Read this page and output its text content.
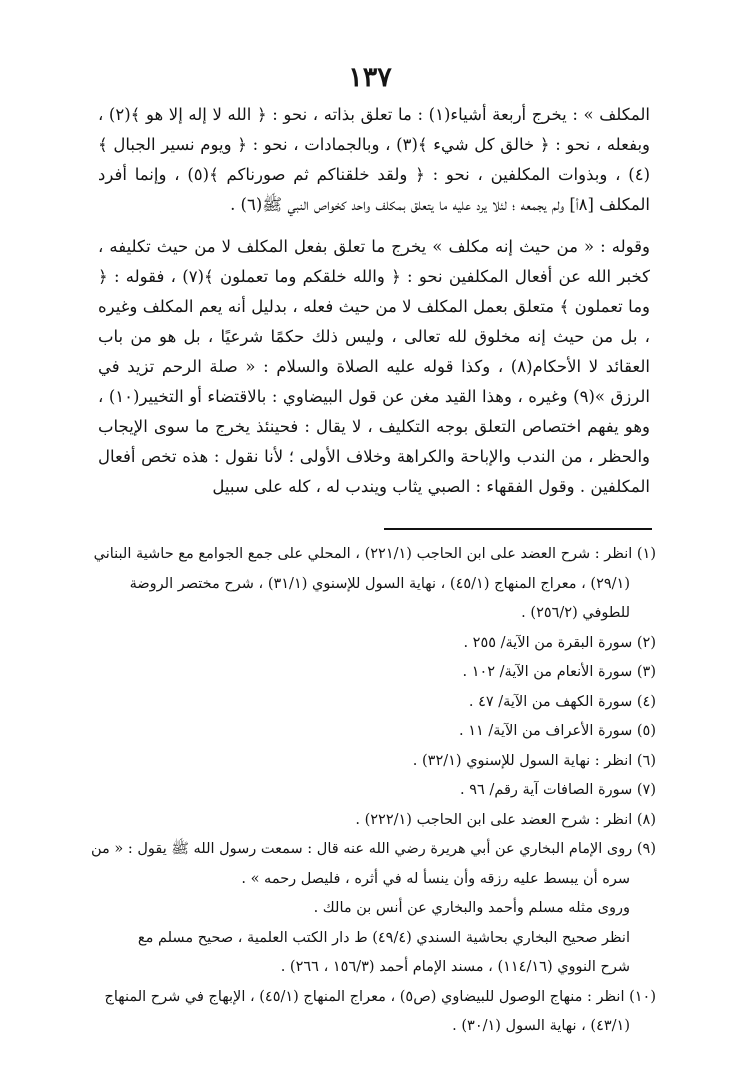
١٣٧

المكلف » : يخرج أربعة أشياء(١) : ما تعلق بذاته ، نحو : ﴿ الله لا إله إلا هو ﴾(٢) ، وبفعله ، نحو : ﴿ خالق كل شيء ﴾(٣) ، وبالجمادات ، نحو : ﴿ ويوم نسير الجبال ﴾(٤) ، وبذوات المكلفين ، نحو : ﴿ ولقد خلقناكم ثم صورناكم ﴾(٥) ، وإنما أفرد المكلف [٨أ] ولم يجمعه ؛ لئلا يرد عليه ما يتعلق بمكلف واحد كخواص النبي ﷺ(٦) .

وقوله : « من حيث إنه مكلف » يخرج ما تعلق بفعل المكلف لا من حيث تكليفه ، كخبر الله عن أفعال المكلفين نحو : ﴿ والله خلقكم وما تعملون ﴾(٧) ، فقوله : ﴿ وما تعملون ﴾ متعلق بعمل المكلف لا من حيث فعله ، بدليل أنه يعم المكلف وغيره ، بل من حيث إنه مخلوق لله تعالى ، وليس ذلك حكمًا شرعيًا ، بل هو من باب العقائد لا الأحكام(٨) ، وكذا قوله عليه الصلاة والسلام : « صلة الرحم تزيد في الرزق »(٩) وغيره ، وهذا القيد مغن عن قول البيضاوي : بالاقتضاء أو التخيير(١٠) ، وهو يفهم اختصاص التعلق بوجه التكليف ، لا يقال : فحينئذ يخرج ما سوى الإيجاب والحظر ، من الندب والإباحة والكراهة وخلاف الأولى ؛ لأنا نقول : هذه تخص أفعال المكلفين . وقول الفقهاء : الصبي يثاب ويندب له ، كله على سبيل

(١) انظر : شرح العضد على ابن الحاجب (٢٢١/١) ، المحلي على جمع الجوامع مع حاشية البناني
(٢٩/١) ، معراج المنهاج (٤٥/١) ، نهاية السول للإسنوي (٣١/١) ، شرح مختصر الروضة
للطوفي (٢٥٦/٢) .
(٢) سورة البقرة من الآية/ ٢٥٥ .
(٣) سورة الأنعام من الآية/ ١٠٢ .
(٤) سورة الكهف من الآية/ ٤٧ .
(٥) سورة الأعراف من الآية/ ١١ .
(٦) انظر : نهاية السول للإسنوي (٣٢/١) .
(٧) سورة الصافات آية رقم/ ٩٦ .
(٨) انظر : شرح العضد على ابن الحاجب (٢٢٢/١) .
(٩) روى الإمام البخاري عن أبي هريرة رضي الله عنه قال : سمعت رسول الله ﷺ يقول : « من
سره أن يبسط عليه رزقه وأن ينسأ له في أثره ، فليصل رحمه » .
وروى مثله مسلم وأحمد والبخاري عن أنس بن مالك .
انظر صحيح البخاري بحاشية السندي (٤٩/٤) ط دار الكتب العلمية ، صحيح مسلم مع
شرح النووي (١١٤/١٦) ، مسند الإمام أحمد (١٥٦/٣ ، ٢٦٦) .
(١٠) انظر : منهاج الوصول للبيضاوي (ص٥) ، معراج المنهاج (٤٥/١) ، الإبهاج في شرح المنهاج
(٤٣/١) ، نهاية السول (٣٠/١) .
